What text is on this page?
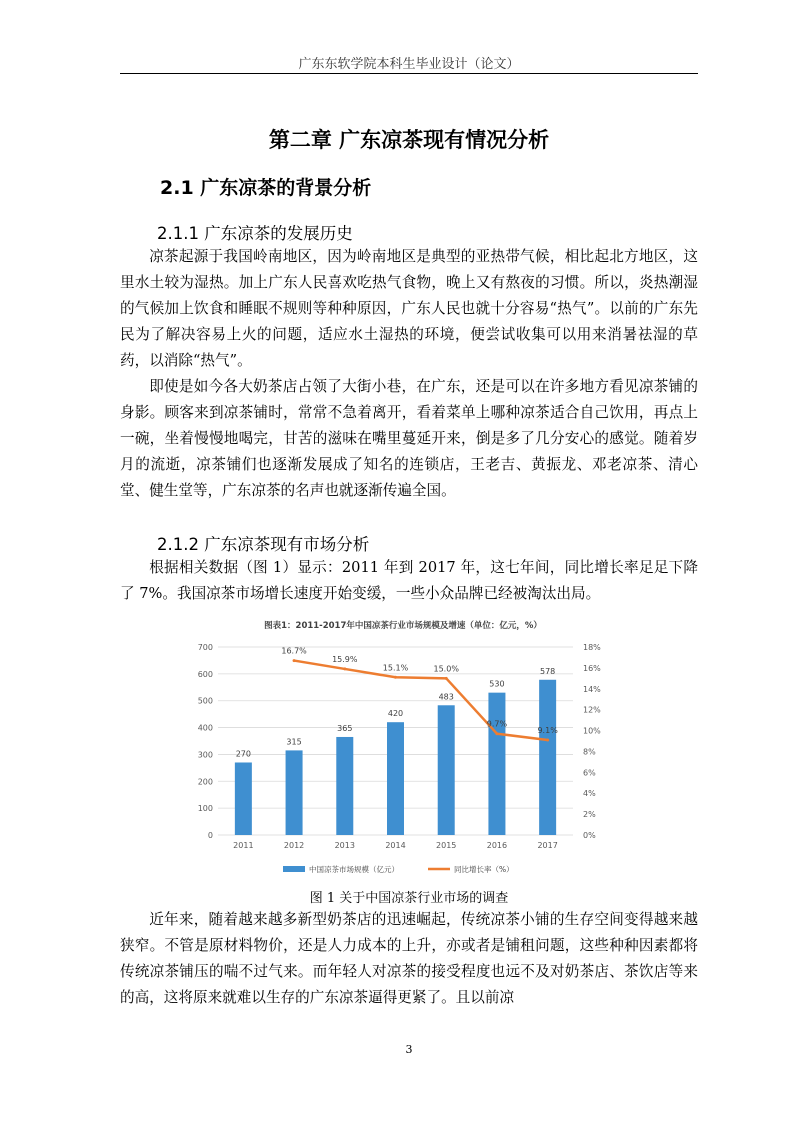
广东东软学院本科生毕业设计（论文）
第二章 广东凉茶现有情况分析
2.1 广东凉茶的背景分析
2.1.1 广东凉茶的发展历史

凉茶起源于我国岭南地区，因为岭南地区是典型的亚热带气候，相比起北方地区，这里水土较为湿热。加上广东人民喜欢吃热气食物，晚上又有熬夜的习惯。所以，炎热潮湿的气候加上饮食和睡眠不规则等种种原因，广东人民也就十分容易“热气”。以前的广东先民为了解决容易上火的问题，适应水土湿热的环境，便尝试收集可以用来消暑祛湿的草药，以消除“热气”。

即使是如今各大奶茶店占领了大街小巷，在广东，还是可以在许多地方看见凉茶铺的身影。顾客来到凉茶铺时，常常不急着离开，看着菜单上哪种凉茶适合自己饮用，再点上一碗，坐着慢慢地喝完，甘苦的滋味在嘴里蔓延开来，倒是多了几分安心的感觉。随着岁月的流逝，凉茶铺们也逐渐发展成了知名的连锁店，王老吉、黄振龙、邓老凉茶、清心堂、健生堂等，广东凉茶的名声也就逐渐传遍全国。

2.1.2 广东凉茶现有市场分析

根据相关数据（图 1）显示：2011 年到 2017 年，这七年间，同比增长率足足下降了 7%。我国凉茶市场增长速度开始变缓，一些小众品牌已经被淘汰出局。

图表1：2011-2017年中国凉茶行业市场规模及增速（单位：亿元，%）
270
315
365
420
483
530
578
16.7%
15.9%
15.1%	15.0%
9.7%
9.1%
0
100
200
300
400
500
600
700
0%
2%
4%
6%
8%
10%
12%
14%
16%
18%
2011	2012	2013	2014	2015	2016	2017
中国凉茶市场规模（亿元）	同比增长率（%）
图 1 关于中国凉茶行业市场的调查

近年来，随着越来越多新型奶茶店的迅速崛起，传统凉茶小铺的生存空间变得越来越狭窄。不管是原材料物价，还是人力成本的上升，亦或者是铺租问题，这些种种因素都将传统凉茶铺压的喘不过气来。而年轻人对凉茶的接受程度也远不及对奶茶店、茶饮店等来的高，这将原来就难以生存的广东凉茶逼得更紧了。且以前凉

3
